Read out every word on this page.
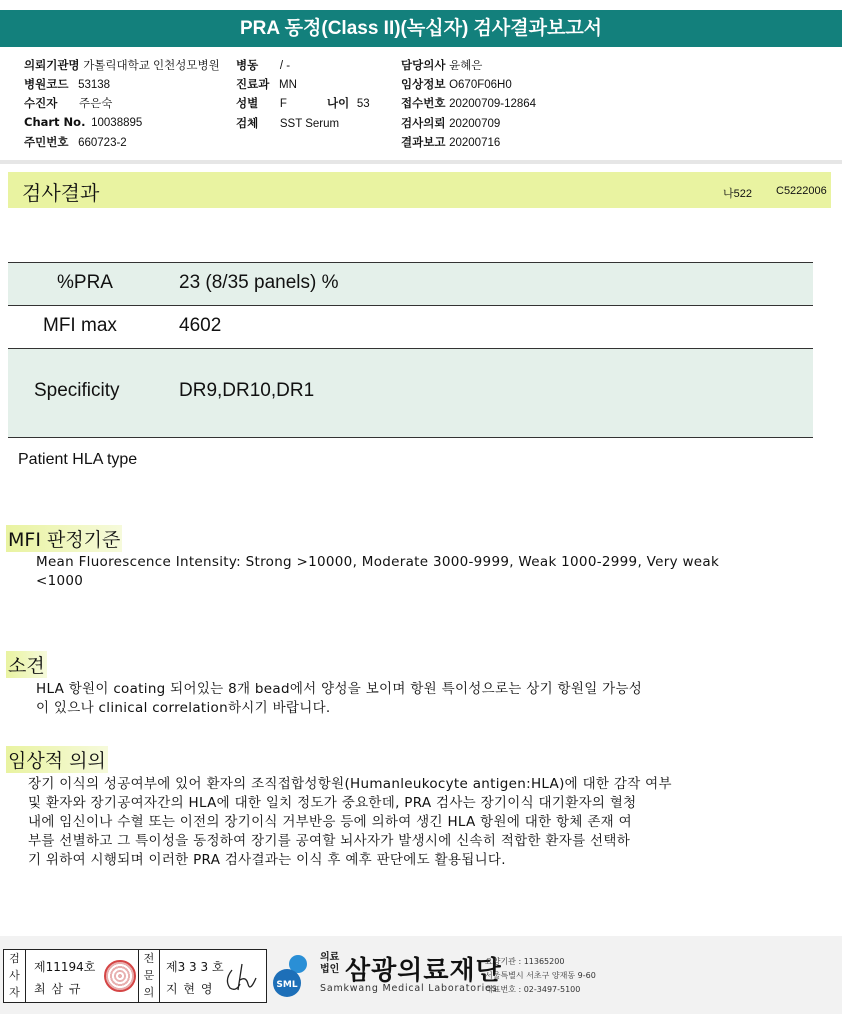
PRA 동정(Class II)(녹십자) 검사결과보고서
의뢰기관명 가톨릭대학교 인천성모병원 병동 / -	담당의사 윤혜은
병원코드 53138	진료과 MN	임상정보 O670F06H0
수진자 주은숙	성별 F	나이 53	접수번호 20200709-12864
Chart No. 10038895	검체 SST Serum	검사의뢰 20200709
주민번호 660723-2	결과보고 20200716
검사결과	나522 C5222006
%PRA	23 (8/35 panels) %
MFI max	4602
Specificity	DR9,DR10,DR1
Patient HLA type
MFI 판정기준
Mean Fluorescence Intensity: Strong >10000, Moderate 3000-9999, Weak 1000-2999, Very weak
<1000
소견
HLA 항원이 coating 되어있는 8개 bead에서 양성을 보이며 항원 특이성으로는 상기 항원일 가능성
이 있으나 clinical correlation하시기 바랍니다.
임상적 의의
장기 이식의 성공여부에 있어 환자의 조직접합성항원(Humanleukocyte antigen:HLA)에 대한 감작 여부
및 환자와 장기공여자간의 HLA에 대한 일치 정도가 중요한데, PRA 검사는 장기이식 대기환자의 혈청
내에 임신이나 수혈 또는 이전의 장기이식 거부반응 등에 의하여 생긴 HLA 항원에 대한 항체 존재 여
부를 선별하고 그 특이성을 동정하여 장기를 공여할 뇌사자가 발생시에 신속히 적합한 환자를 선택하
기 위하여 시행되며 이러한 PRA 검사결과는 이식 후 예후 판단에도 활용됩니다.
검
사
자
제11194호
최 삼 규
전
문
의
제3 3 3 호
지 현 영	SML
의료
법인 삼광의료재단
Samkwang Medical Laboratories
요양기관 : 11365200
서울특별시 서초구 양재동 9-60
대표번호 : 02-3497-5100
